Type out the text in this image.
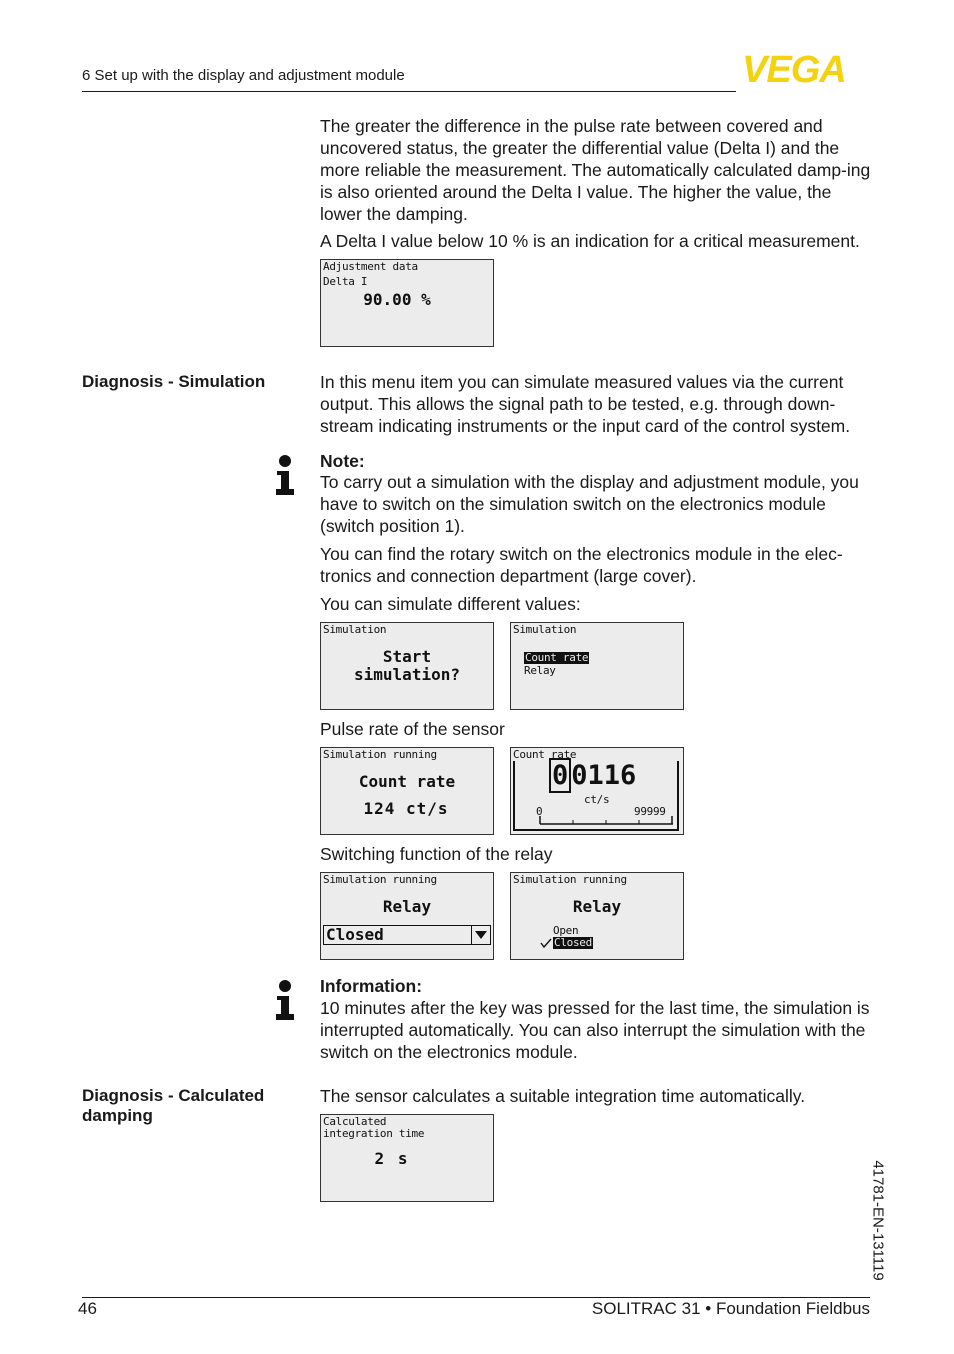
6 Set up with the display and adjustment module	VEGA
The greater the difference in the pulse rate between covered and uncovered status, the greater the differential value (Delta I) and the more reliable the measurement. The automatically calculated damp-ing is also oriented around the Delta I value. The higher the value, the lower the damping.
A Delta I value below 10 % is an indication for a critical measurement.
Adjustment data
Delta I
90.00 %
Diagnosis - Simulation	In this menu item you can simulate measured values via the current output. This allows the signal path to be tested, e.g. through down-stream indicating instruments or the input card of the control system.
Note:
To carry out a simulation with the display and adjustment module, you have to switch on the simulation switch on the electronics module (switch position 1).
You can find the rotary switch on the electronics module in the elec-tronics and connection department (large cover).
You can simulate different values:
Simulation
Start
simulation?
Simulation
Count rate
Relay
Pulse rate of the sensor
Simulation running
Count rate
124 ct/s
Count rate
0 0116
ct/s
0	99999
Switching function of the relay
Simulation running
Relay
Closed
Simulation running
Relay
Open
Closed
Information:
10 minutes after the key was pressed for the last time, the simulation is interrupted automatically. You can also interrupt the simulation with the switch on the electronics module.
Diagnosis - Calculated damping
The sensor calculates a suitable integration time automatically.
Calculated
integration time
2 s
41781-EN-131119
46	SOLITRAC 31 • Foundation Fieldbus
